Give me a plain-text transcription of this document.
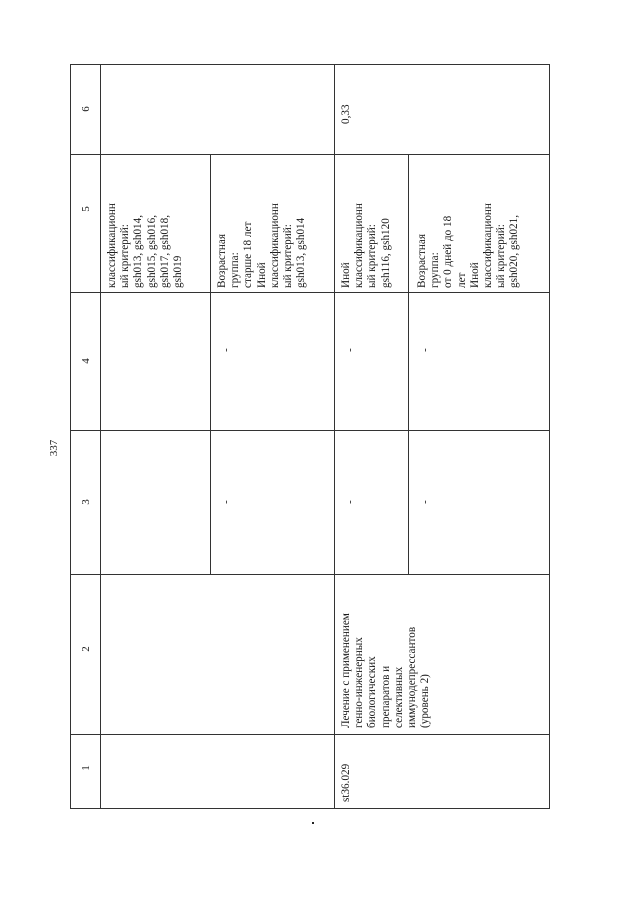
337
1
2
3
4
5
6
классификационн ый критерий: gsh013, gsh014, gsh015, gsh016, gsh017, gsh018, gsh019
-
-
Возрастная группа: старше 18 лет Иной классификационн ый критерий: gsh013, gsh014
st36.029
Лечение с применением генно-инженерных биологических препаратов и селективных иммунодепрессантов (уровень 2)
-
-
Иной классификационн ый критерий: gsh116, gsh120
-
-
Возрастная группа: от 0 дней до 18 лет Иной классификационн ый критерий: gsh020, gsh021,
0,33
